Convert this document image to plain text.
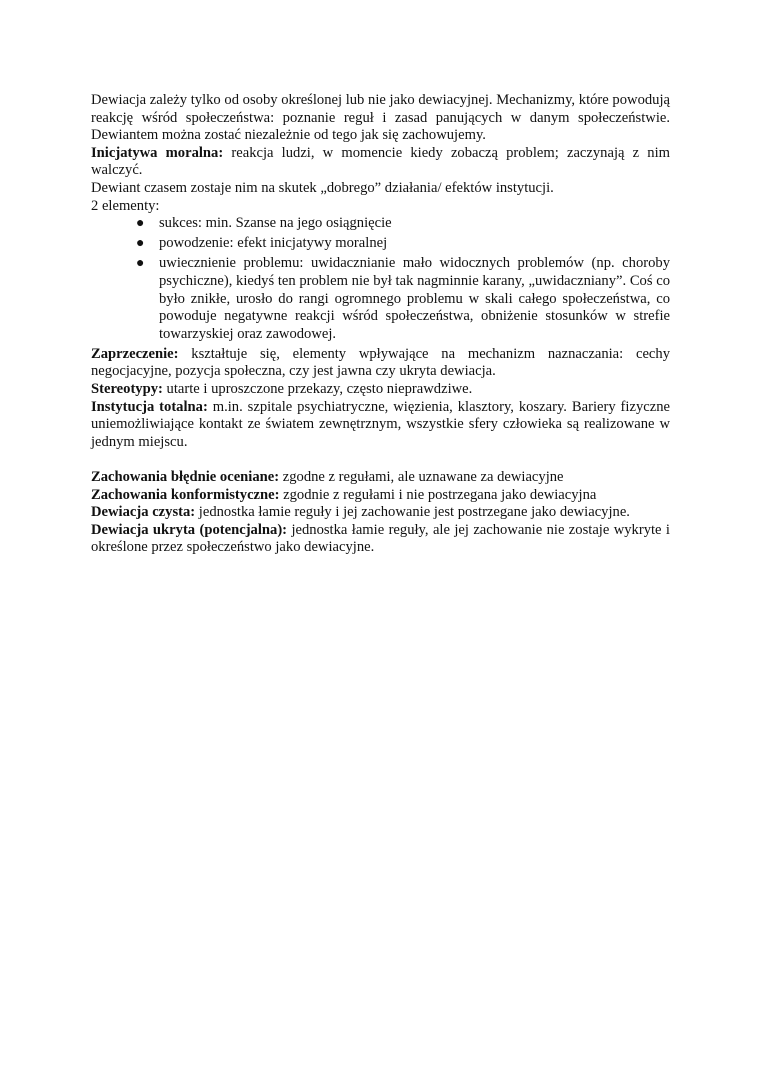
Dewiacja zależy tylko od osoby określonej lub nie jako dewiacyjnej. Mechanizmy, które powodują reakcję wśród społeczeństwa: poznanie reguł i zasad panujących w danym społeczeństwie. Dewiantem można zostać niezależnie od tego jak się zachowujemy.

Inicjatywa moralna: reakcja ludzi, w momencie kiedy zobaczą problem; zaczynają z nim walczyć.

Dewiant czasem zostaje nim na skutek „dobrego” działania/ efektów instytucji.

2 elementy:

● sukces: min. Szanse na jego osiągnięcie
● powodzenie: efekt inicjatywy moralnej
● uwiecznienie problemu: uwidacznianie mało widocznych problemów (np. choroby psychiczne), kiedyś ten problem nie był tak nagminnie karany, „uwidaczniany”. Coś co było znikłe, urosło do rangi ogromnego problemu w skali całego społeczeństwa, co powoduje negatywne reakcji wśród społeczeństwa, obniżenie stosunków w strefie towarzyskiej oraz zawodowej.

Zaprzeczenie: kształtuje się, elementy wpływające na mechanizm naznaczania: cechy negocjacyjne, pozycja społeczna, czy jest jawna czy ukryta dewiacja.

Stereotypy: utarte i uproszczone przekazy, często nieprawdziwe.

Instytucja totalna: m.in. szpitale psychiatryczne, więzienia, klasztory, koszary. Bariery fizyczne uniemożliwiające kontakt ze światem zewnętrznym, wszystkie sfery człowieka są realizowane w jednym miejscu.

Zachowania błędnie oceniane: zgodne z regułami, ale uznawane za dewiacyjne

Zachowania konformistyczne: zgodnie z regułami i nie postrzegana jako dewiacyjna

Dewiacja czysta: jednostka łamie reguły i jej zachowanie jest postrzegane jako dewiacyjne.

Dewiacja ukryta (potencjalna): jednostka łamie reguły, ale jej zachowanie nie zostaje wykryte i określone przez społeczeństwo jako dewiacyjne.
